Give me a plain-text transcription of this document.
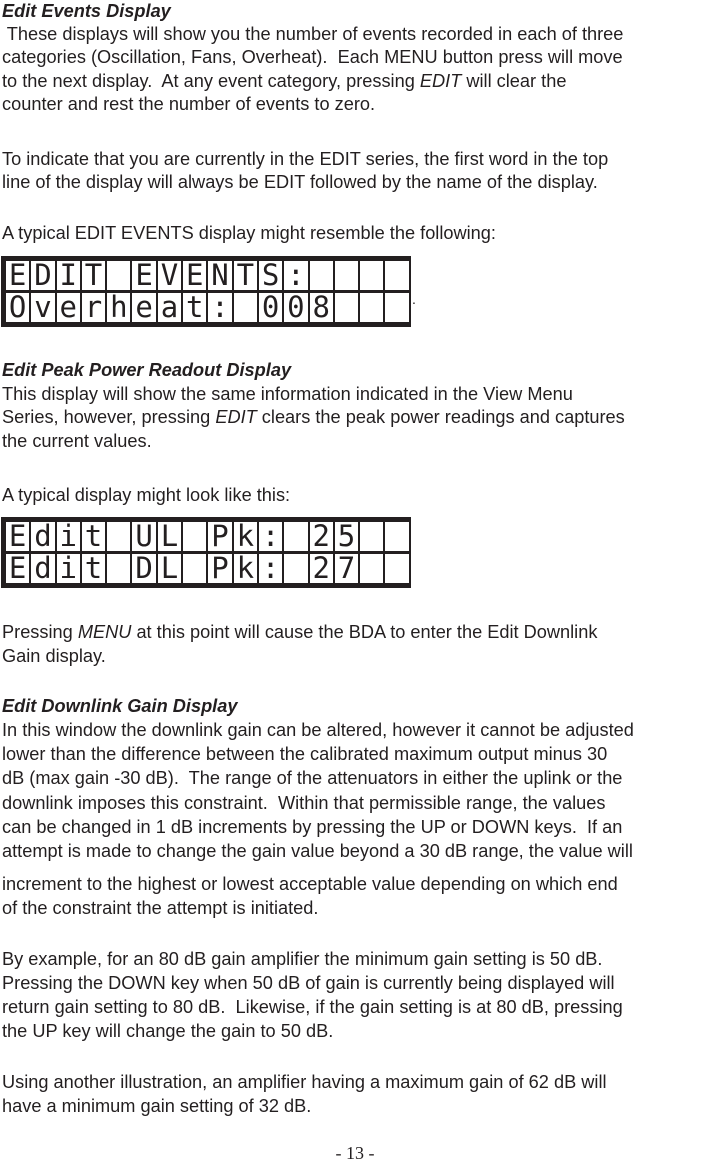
Edit Events Display

These displays will show you the number of events recorded in each of three

categories (Oscillation, Fans, Overheat).  Each MENU button press will move

to the next display.  At any event category, pressing EDIT will clear the

counter and rest the number of events to zero.

To indicate that you are currently in the EDIT series, the first word in the top

line of the display will always be EDIT followed by the name of the display.

A typical EDIT EVENTS display might resemble the following:

E D I T E V E N T S :
O v e r h e a t : 0 0 8	.

Edit Peak Power Readout Display

This display will show the same information indicated in the View Menu

Series, however, pressing EDIT clears the peak power readings and captures

the current values.

A typical display might look like this:

E d i t U L P k : 2 5
E d i t D L P k : 2 7

Pressing MENU at this point will cause the BDA to enter the Edit Downlink

Gain display.

Edit Downlink Gain Display

In this window the downlink gain can be altered, however it cannot be adjusted

lower than the difference between the calibrated maximum output minus 30

dB (max gain -30 dB).  The range of the attenuators in either the uplink or the

downlink imposes this constraint.  Within that permissible range, the values

can be changed in 1 dB increments by pressing the UP or DOWN keys.  If an

attempt is made to change the gain value beyond a 30 dB range, the value will

increment to the highest or lowest acceptable value depending on which end

of the constraint the attempt is initiated.

By example, for an 80 dB gain amplifier the minimum gain setting is 50 dB.

Pressing the DOWN key when 50 dB of gain is currently being displayed will

return gain setting to 80 dB.  Likewise, if the gain setting is at 80 dB, pressing

the UP key will change the gain to 50 dB.

Using another illustration, an amplifier having a maximum gain of 62 dB will

have a minimum gain setting of 32 dB.

- 13 -
